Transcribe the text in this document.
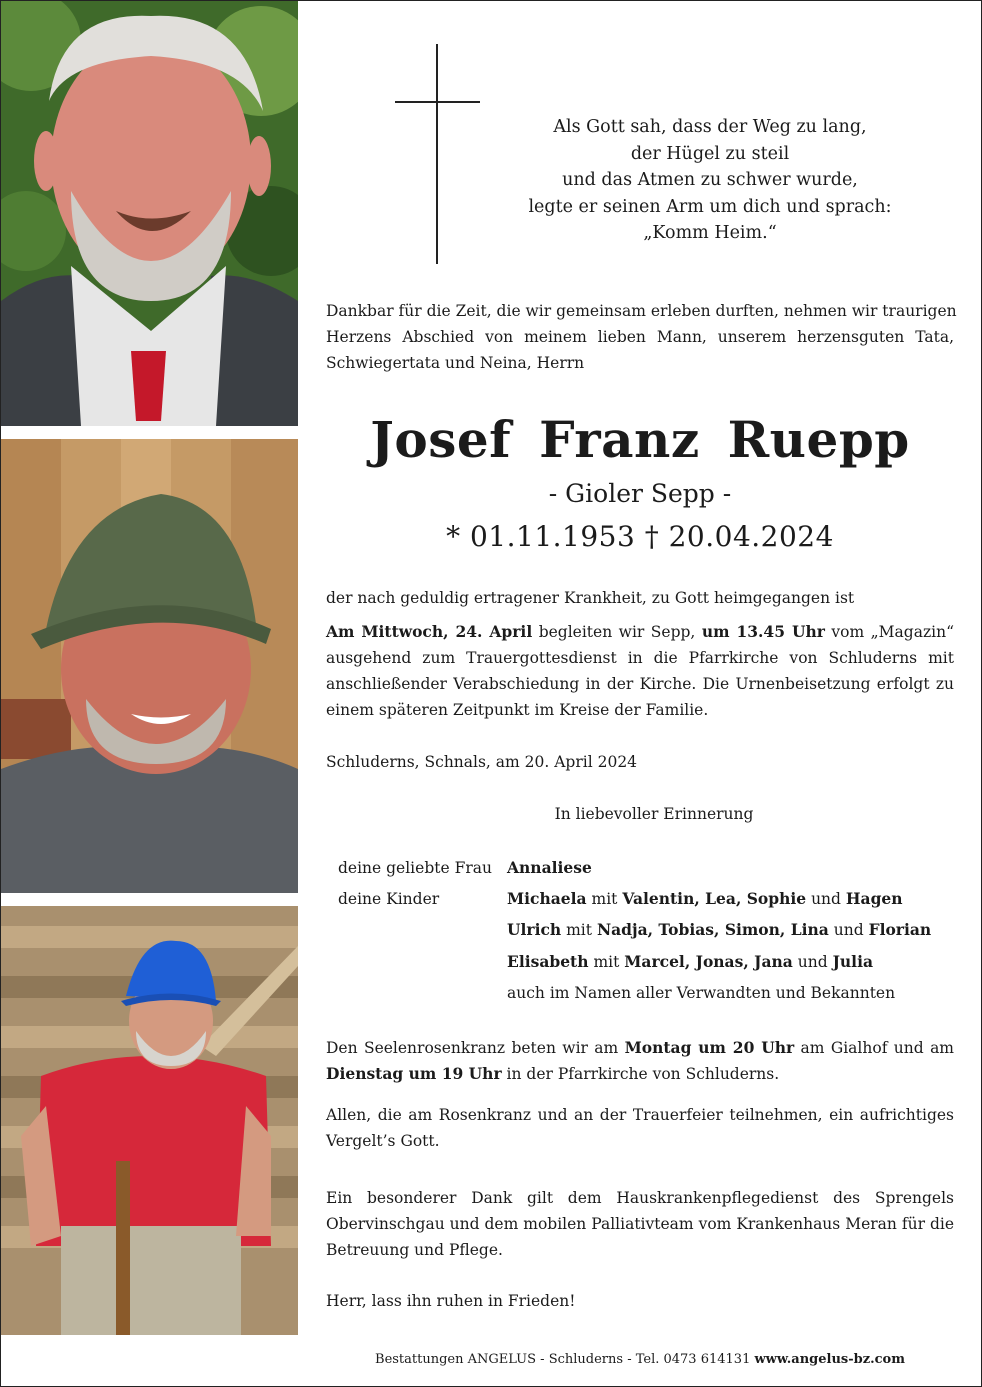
Als Gott sah, dass der Weg zu lang,
der Hügel zu steil
und das Atmen zu schwer wurde,
legte er seinen Arm um dich und sprach:
„Komm Heim.“
Dankbar für die Zeit, die wir gemeinsam erleben durften, nehmen wir traurigen
Herzens Abschied von meinem lieben Mann, unserem herzensguten Tata,
Schwiegertata und Neina, Herrn
Josef Franz Ruepp
- Gioler Sepp -
* 01.11.1953 † 20.04.2024
der nach geduldig ertragener Krankheit, zu Gott heimgegangen ist
Am Mittwoch, 24. April begleiten wir Sepp, um 13.45 Uhr vom „Magazin“
ausgehend zum Trauergottesdienst in die Pfarrkirche von Schluderns mit
anschließender Verabschiedung in der Kirche. Die Urnenbeisetzung erfolgt zu
einem späteren Zeitpunkt im Kreise der Familie.
Schluderns, Schnals, am 20. April 2024
In liebevoller Erinnerung
deine geliebte Frau Annaliese
deine Kinder	Michaela mit Valentin, Lea, Sophie und Hagen
Ulrich mit Nadja, Tobias, Simon, Lina und Florian
Elisabeth mit Marcel, Jonas, Jana und Julia
auch im Namen aller Verwandten und Bekannten
Den Seelenrosenkranz beten wir am Montag um 20 Uhr am Gialhof und am
Dienstag um 19 Uhr in der Pfarrkirche von Schluderns.
Allen, die am Rosenkranz und an der Trauerfeier teilnehmen, ein aufrichtiges
Vergelt’s Gott.
Ein besonderer Dank gilt dem Hauskrankenpflegedienst des Sprengels
Obervinschgau und dem mobilen Palliativteam vom Krankenhaus Meran für die
Betreuung und Pflege.
Herr, lass ihn ruhen in Frieden!
Bestattungen ANGELUS - Schluderns - Tel. 0473 614131 www.angelus-bz.com
